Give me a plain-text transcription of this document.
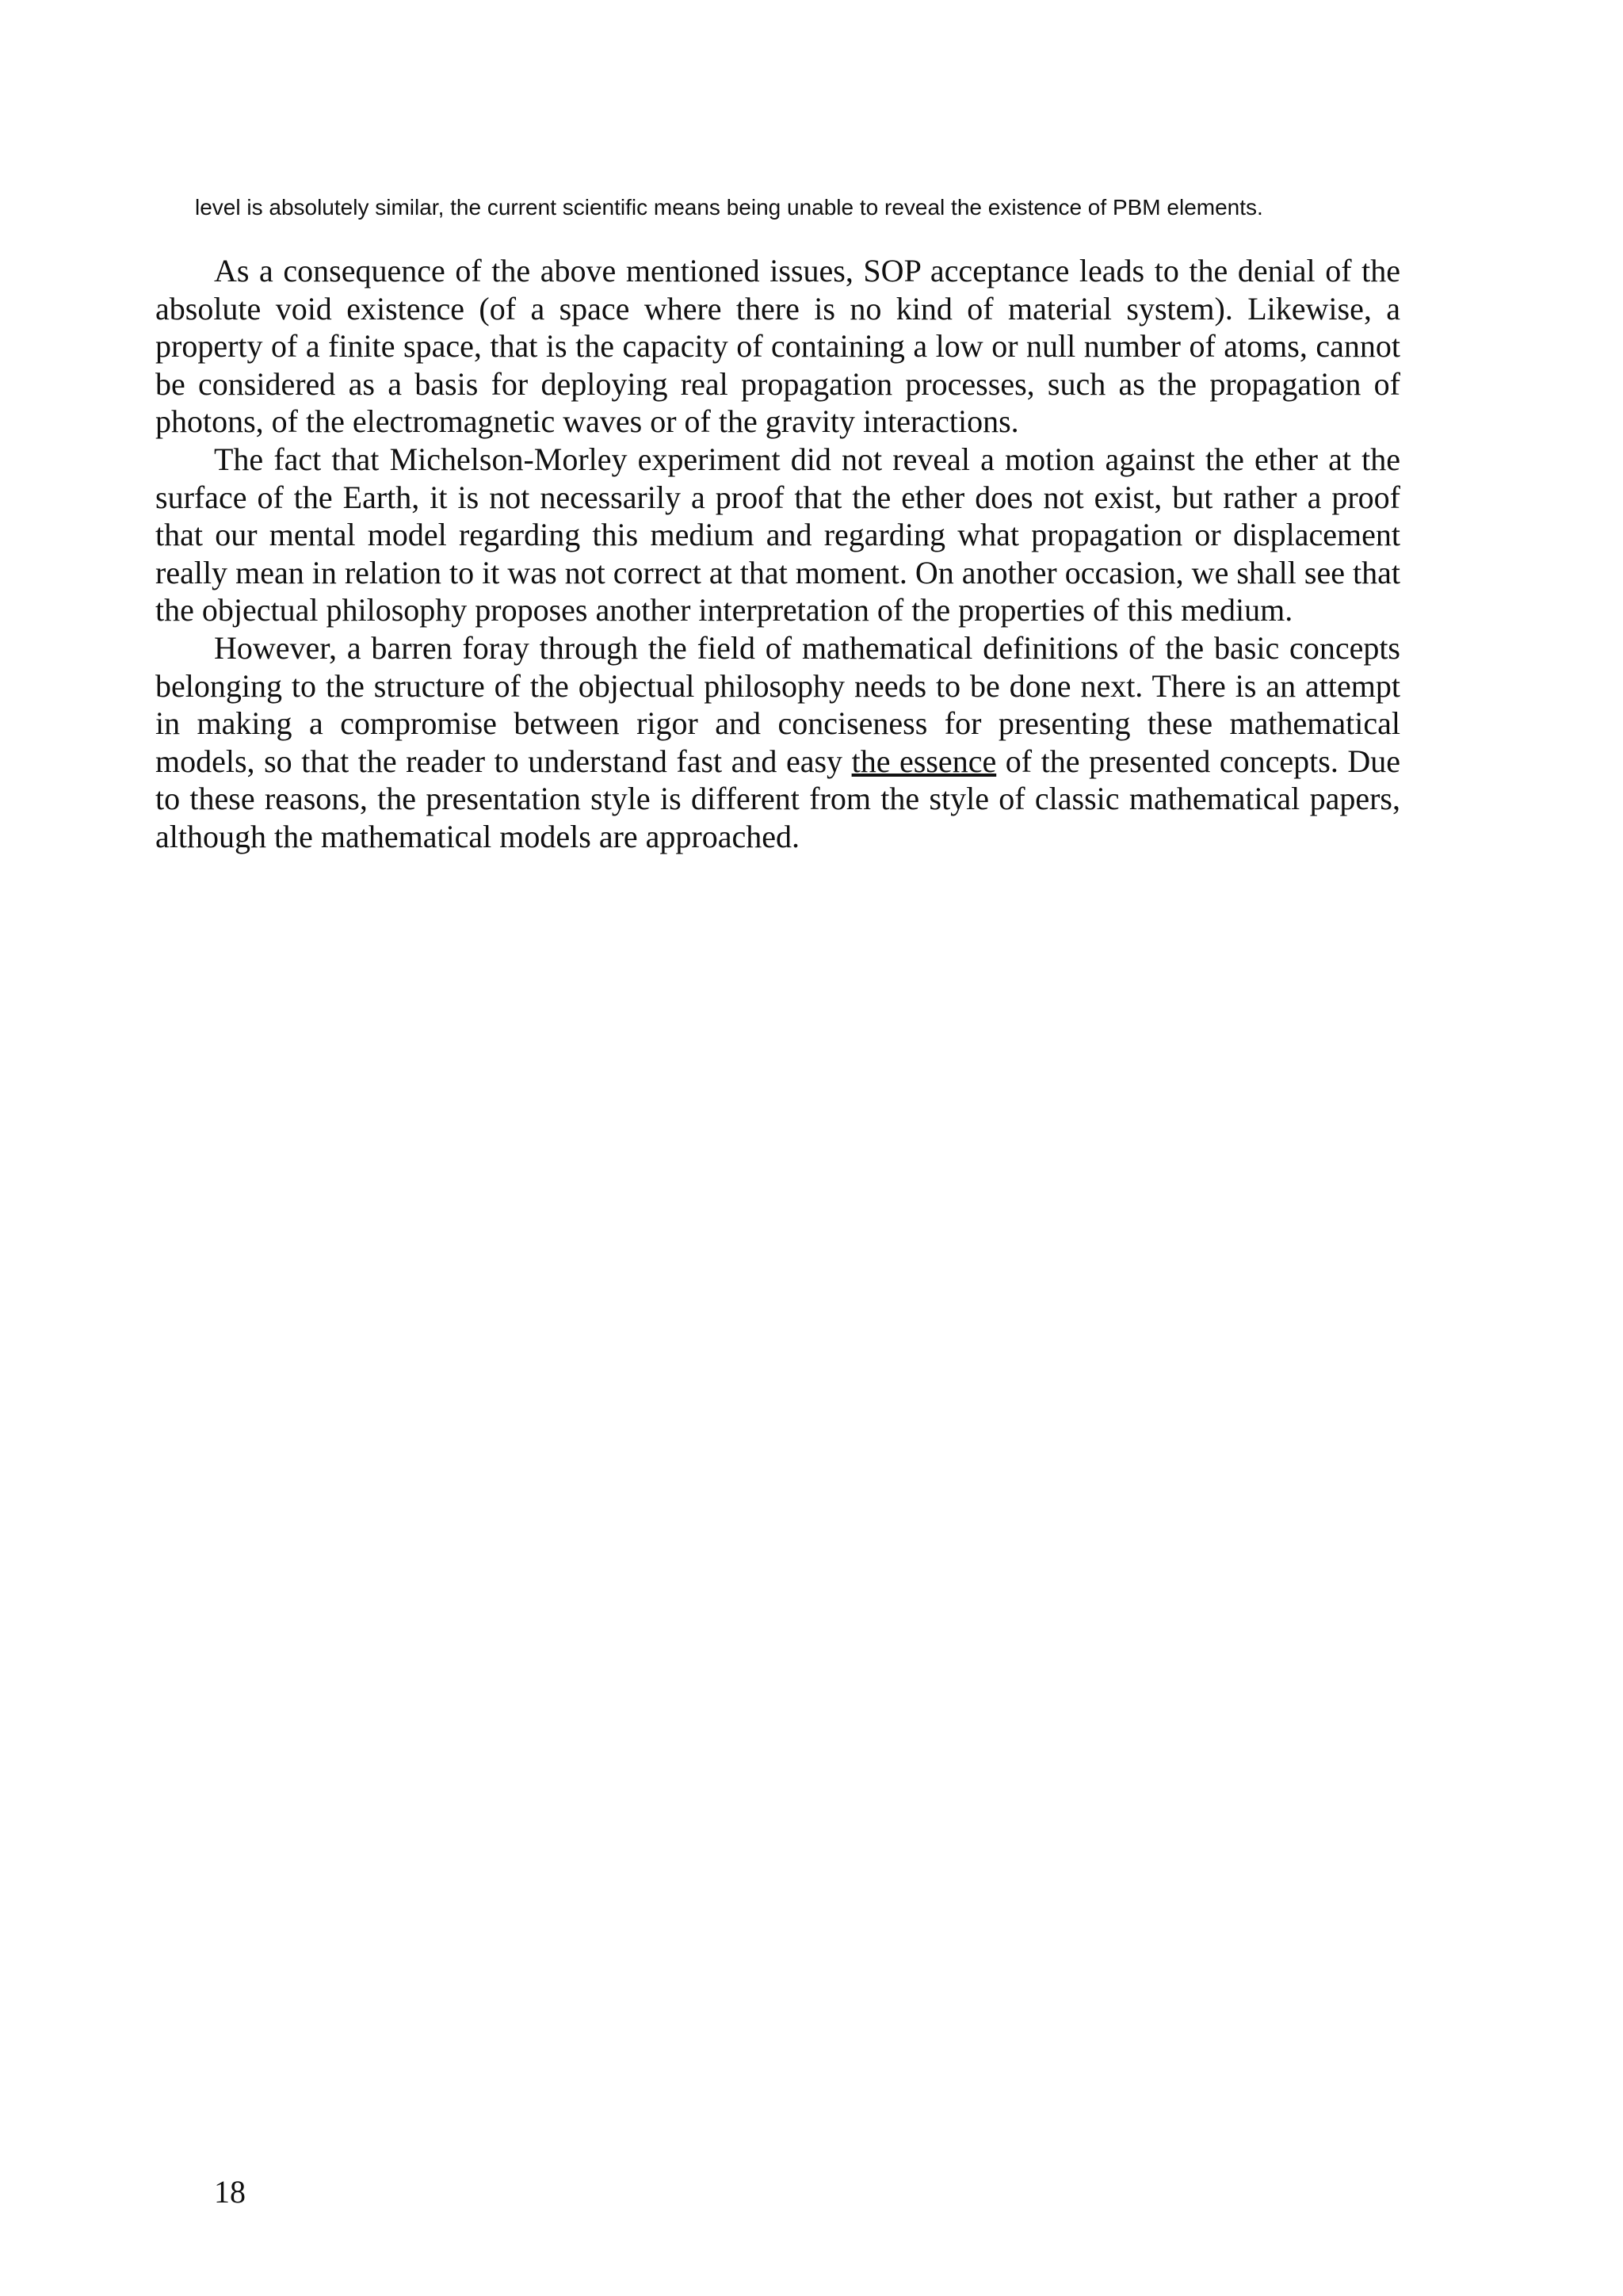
level is absolutely similar, the current scientific means being unable to reveal the existence of PBM elements.

As a consequence of the above mentioned issues, SOP acceptance leads to the denial of the absolute void existence (of a space where there is no kind of material system). Likewise, a property of a finite space, that is the capacity of containing a low or null number of atoms, cannot be considered as a basis for deploying real propagation processes, such as the propagation of photons, of the electromagnetic waves or of the gravity interactions.

The fact that Michelson-Morley experiment did not reveal a motion against the ether at the surface of the Earth, it is not necessarily a proof that the ether does not exist, but rather a proof that our mental model regarding this medium and regarding what propagation or displacement really mean in relation to it was not correct at that moment. On another occasion, we shall see that the objectual philosophy proposes another interpretation of the properties of this medium.

However, a barren foray through the field of mathematical definitions of the basic concepts belonging to the structure of the objectual philosophy needs to be done next. There is an attempt in making a compromise between rigor and conciseness for presenting these mathematical models, so that the reader to understand fast and easy the essence of the presented concepts. Due to these reasons, the presentation style is different from the style of classic mathematical papers, although the mathematical models are approached.

18
